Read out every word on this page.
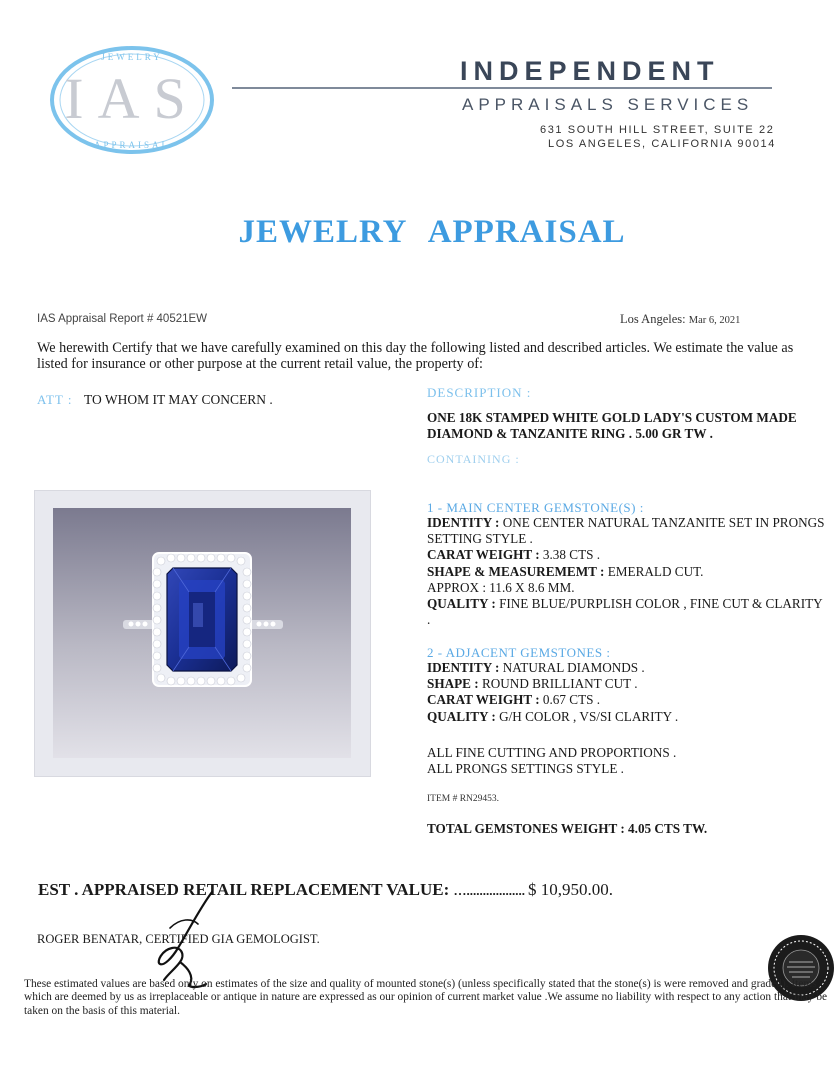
IAS
JEWELRY
APPRAISAL
INDEPENDENT
APPRAISALS SERVICES
631 SOUTH HILL STREET, SUITE 22
LOS ANGELES, CALIFORNIA 90014
JEWELRY APPRAISAL
IAS Appraisal Report # 40521EW	Los Angeles: Mar 6, 2021
We herewith Certify that we have carefully examined on this day the following listed and described articles. We estimate the value as listed for insurance or other purpose at the current retail value, the property of:
ATT : TO WHOM IT MAY CONCERN .	DESCRIPTION :
ONE 18K STAMPED WHITE GOLD LADY'S CUSTOM MADE DIAMOND & TANZANITE RING . 5.00 GR TW .
CONTAINING :
1 - MAIN CENTER GEMSTONE(S) :
IDENTITY : ONE CENTER NATURAL TANZANITE SET IN PRONGS SETTING STYLE .
CARAT WEIGHT : 3.38 CTS .
SHAPE & MEASUREMEMT : EMERALD CUT.
APPROX : 11.6 X 8.6 MM.
QUALITY : FINE BLUE/PURPLISH COLOR , FINE CUT & CLARITY .
2 - ADJACENT GEMSTONES :
IDENTITY : NATURAL DIAMONDS .
SHAPE : ROUND BRILLIANT CUT .
CARAT WEIGHT : 0.67 CTS .
QUALITY : G/H COLOR , VS/SI CLARITY .
ALL FINE CUTTING AND PROPORTIONS .
ALL PRONGS SETTINGS STYLE .
ITEM # RN29453.
TOTAL GEMSTONES WEIGHT : 4.05 CTS TW.
EST . APPRAISED RETAIL REPLACEMENT VALUE: ….................. $ 10,950.00.
ROGER BENATAR, CERTIFIED GIA GEMOLOGIST.
These estimated values are based only on estimates of the size and quality of mounted stone(s) (unless specifically stated that the stone(s) is were removed and graded). Items which are deemed by us as irreplaceable or antique in nature are expressed as our opinion of current market value .We assume no liability with respect to any action that may be taken on the basis of this material.
